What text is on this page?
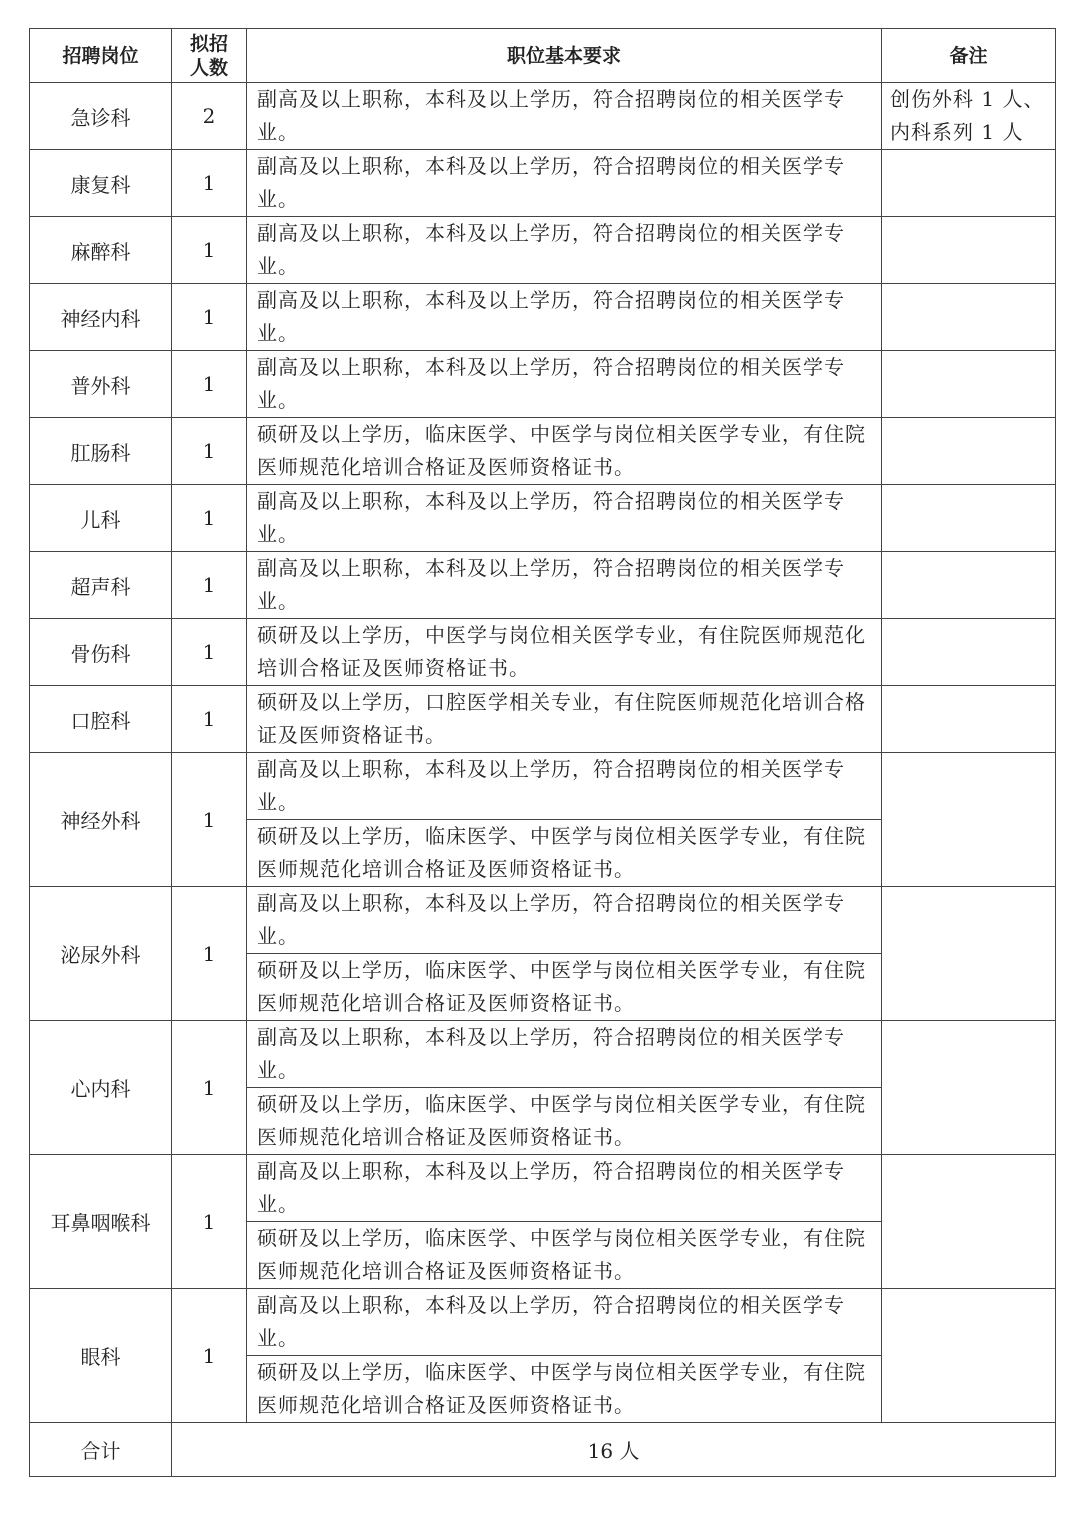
招聘岗位	拟招人数	职位基本要求	备注
急诊科	2	副高及以上职称，本科及以上学历，符合招聘岗位的相关医学专业。	创伤外科 1 人、内科系列 1 人
康复科	1	副高及以上职称，本科及以上学历，符合招聘岗位的相关医学专业。	
麻醉科	1	副高及以上职称，本科及以上学历，符合招聘岗位的相关医学专业。	
神经内科	1	副高及以上职称，本科及以上学历，符合招聘岗位的相关医学专业。	
普外科	1	副高及以上职称，本科及以上学历，符合招聘岗位的相关医学专业。	
肛肠科	1	硕研及以上学历，临床医学、中医学与岗位相关医学专业，有住院医师规范化培训合格证及医师资格证书。	
儿科	1	副高及以上职称，本科及以上学历，符合招聘岗位的相关医学专业。	
超声科	1	副高及以上职称，本科及以上学历，符合招聘岗位的相关医学专业。	
骨伤科	1	硕研及以上学历，中医学与岗位相关医学专业，有住院医师规范化培训合格证及医师资格证书。	
口腔科	1	硕研及以上学历，口腔医学相关专业，有住院医师规范化培训合格证及医师资格证书。	
神经外科	1	副高及以上职称，本科及以上学历，符合招聘岗位的相关医学专业。	
		硕研及以上学历，临床医学、中医学与岗位相关医学专业，有住院医师规范化培训合格证及医师资格证书。	
泌尿外科	1	副高及以上职称，本科及以上学历，符合招聘岗位的相关医学专业。	
		硕研及以上学历，临床医学、中医学与岗位相关医学专业，有住院医师规范化培训合格证及医师资格证书。	
心内科	1	副高及以上职称，本科及以上学历，符合招聘岗位的相关医学专业。	
		硕研及以上学历，临床医学、中医学与岗位相关医学专业，有住院医师规范化培训合格证及医师资格证书。	
耳鼻咽喉科	1	副高及以上职称，本科及以上学历，符合招聘岗位的相关医学专业。	
		硕研及以上学历，临床医学、中医学与岗位相关医学专业，有住院医师规范化培训合格证及医师资格证书。	
眼科	1	副高及以上职称，本科及以上学历，符合招聘岗位的相关医学专业。	
		硕研及以上学历，临床医学、中医学与岗位相关医学专业，有住院医师规范化培训合格证及医师资格证书。	
合计	16 人		
